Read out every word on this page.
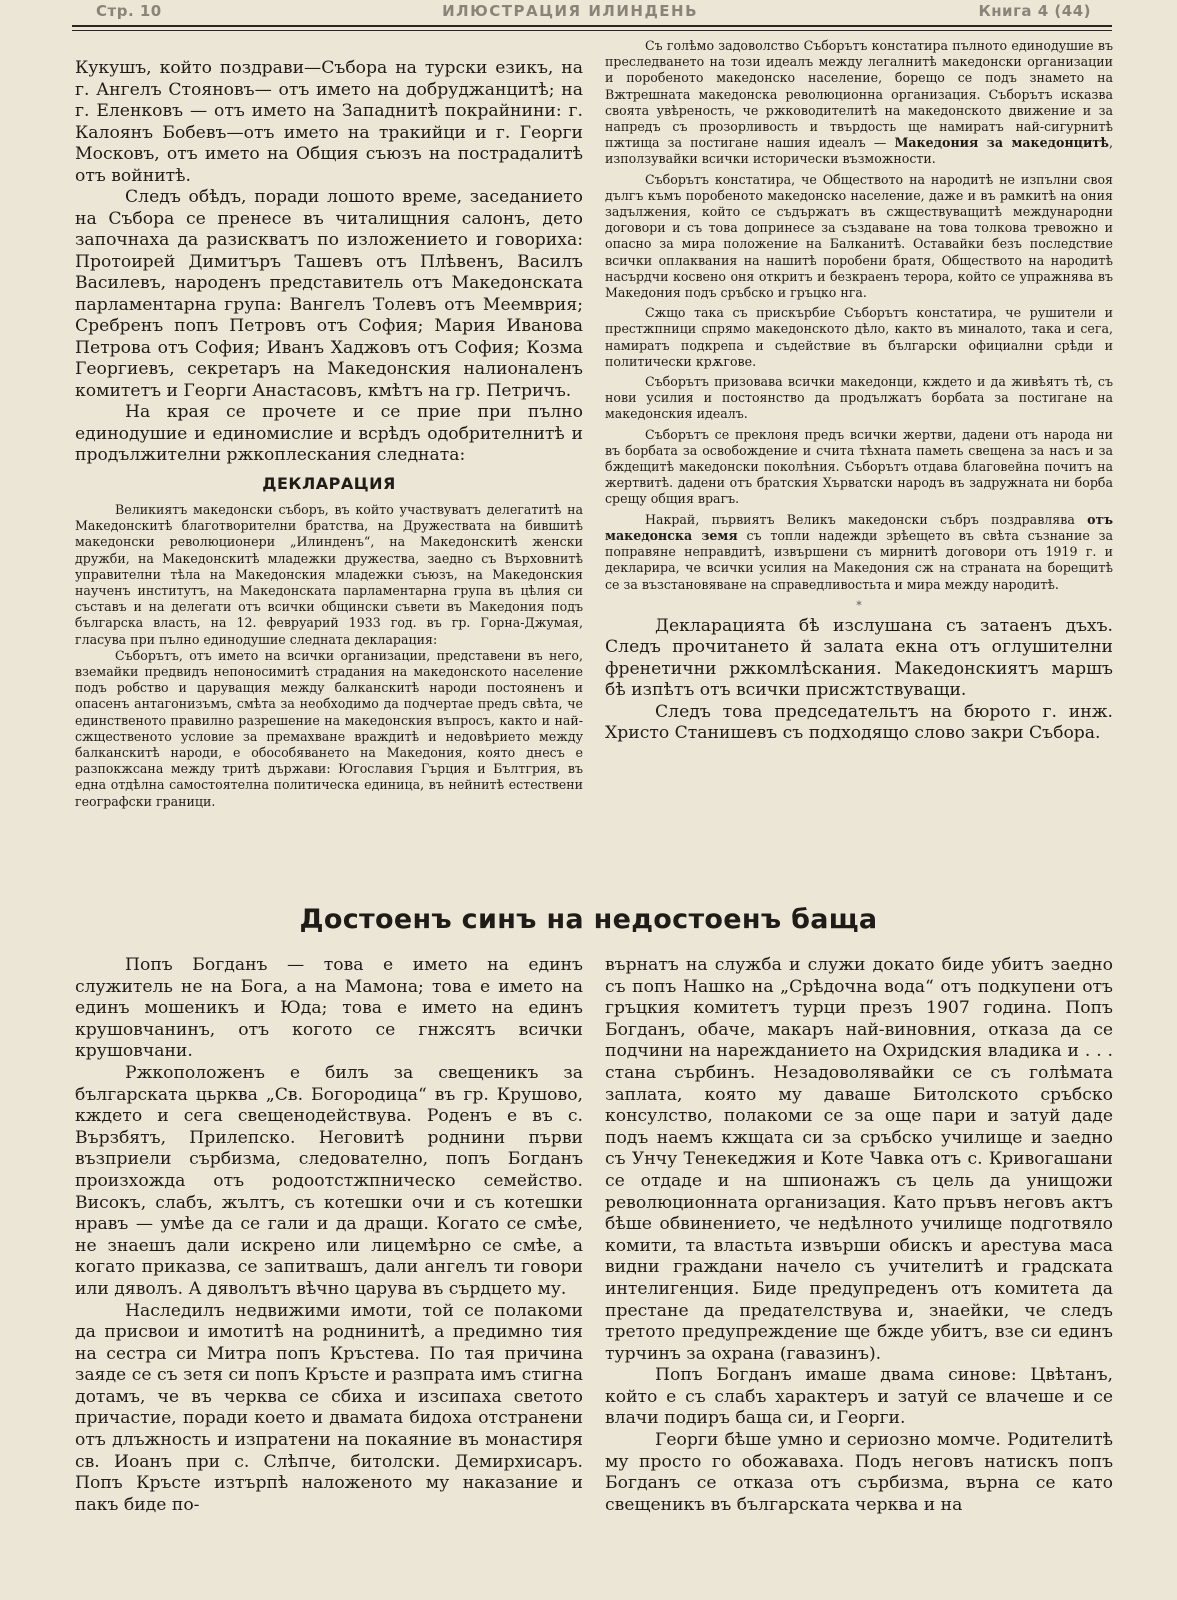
Стр. 10	ИЛЮСТРАЦИЯ ИЛИНДЕНЬ	Книга 4 (44)

Кукушъ, който поздрави—Събора на турски езикъ, на г. Ангелъ Стояновъ— отъ името на добруджанцитѣ; на г. Еленковъ — отъ името на Западнитѣ покрайнини: г. Калоянъ Бобевъ—отъ името на тракийци и г. Георги Московъ, отъ името на Общия съюзъ на пострадалитѣ отъ войнитѣ.

Следъ обѣдъ, поради лошото време, заседанието на Събора се пренесе въ читалищния салонъ, дето започнаха да разискватъ по изложението и говориха: Протоирей Димитъръ Ташевъ отъ Плѣвенъ, Василъ Василевъ, народенъ представитель отъ Македонската парламентарна група: Вангелъ Толевъ отъ Меемврия; Сребренъ попъ Петровъ отъ София; Мария Иванова Петрова отъ София; Иванъ Хаджовъ отъ София; Козма Георгиевъ, секретаръ на Македонския налионаленъ комитетъ и Георги Анастасовъ, кмѣтъ на гр. Петричъ.

На края се прочете и се прие при пълно единодушие и единомислие и всрѣдъ одобрителнитѣ и продължителни ржкоплескания следната:

ДЕКЛАРАЦИЯ

Великиятъ македонски съборъ, въ който участвуватъ делегатитѣ на Македонскитѣ благотворителни братства, на Дружествата на бившитѣ македонски революционери „Илинденъ“, на Македонскитѣ женски дружби, на Македонскитѣ младежки дружества, заедно съ Върховнитѣ управителни тѣла на Македонския младежки съюзъ, на Македонския наученъ институтъ, на Македонската парламентарна група въ цѣлия си съставъ и на делегати отъ всички общински съвети въ Македония подъ българска власть, на 12. февруарий 1933 год. въ гр. Горна-Джумая, гласува при пълно единодушие следната декларация:

Съборътъ, отъ името на всички организации, представени въ него, вземайки предвидъ непоносимитѣ страдания на македонското население подъ робство и царуващия между балканскитѣ народи постояненъ и опасенъ антагонизъмъ, смѣта за необходимо да подчертае предъ свѣта, че единственото правилно разрешение на македонския въпросъ, както и най-сжщественото условие за премахване враждитѣ и недовѣрието между балканскитѣ народи, е обособяването на Македония, която днесъ е разпокжсана между тритѣ държави: Югославия Гърция и Бълтгрия, въ една отдѣлна самостоятелна политическа единица, въ нейнитѣ естествени географски граници.

Съ голѣмо задоволство Съборътъ констатира пълното единодушие въ преследването на този идеалъ между легалнитѣ македонски организации и поробеното македонско население, борещо се подъ знамето на Вжтрешната македонска революционна организация. Съборътъ исказва своята увѣреность, че ржководителитѣ на македонското движение и за напредъ съ прозорливость и твърдость ще намиратъ най-сигурнитѣ пжтища за постигане нашия идеалъ — Македония за македонцитѣ, използувайки всички исторически възможности.

Съборътъ констатира, че Обществото на народитѣ не изпълни своя дългъ къмъ поробеното македонско население, даже и въ рамкитѣ на ония задължения, който се съдържатъ въ сжществуващитѣ международни договори и съ това допринесе за създаване на това толкова тревожно и опасно за мира положение на Балканитѣ. Оставайки безъ последствие всички оплаквания на нашитѣ поробени братя, Обществото на народитѣ насърдчи косвено оня откритъ и безкраенъ терора, който се упражнява въ Македония подъ сръбско и гръцко нга.

Сжщо така съ прискърбие Съборътъ констатира, че рушители и престжпници спрямо македонското дѣло, както въ миналото, така и сега, намиратъ подкрепа и съдействие въ български официални срѣди и политически крѫгове.

Съборътъ призовава всички македонци, кждето и да живѣятъ тѣ, съ нови усилия и постоянство да продължатъ борбата за постигане на македонския идеалъ.

Съборътъ се преклоня предъ всички жертви, дадени отъ народа ни въ борбата за освобождение и счита тѣхната паметь свещена за насъ и за бждещитѣ македонски поколѣния. Съборътъ отдава благовейна почитъ на жертвитѣ. дадени отъ братския Хърватски народъ въ задружната ни борба срещу общия врагъ.

Накрай, първиятъ Великъ македонски събръ поздравлява отъ македонска земя съ топли надежди зрѣещето въ свѣта съзнание за поправяне неправдитѣ, извършени съ мирнитѣ договори отъ 1919 г. и декларира, че всички усилия на Македония сж на страната на борещитѣ се за възстановяване на справедливостьта и мира между народитѣ.

*

Декларацията бѣ изслушана съ затаенъ дъхъ. Следъ прочитането й залата екна отъ оглушителни френетични ржкомлѣскания. Македонскиятъ маршъ бѣ изпѣтъ отъ всички присжтствуващи.

Следъ това председательтъ на бюрото г. инж. Христо Станишевъ съ подходящо слово закри Събора.

Достоенъ синъ на недостоенъ баща

Попъ Богданъ — това е името на единъ служитель не на Бога, а на Мамона; това е името на единъ мошеникъ и Юда; това е името на единъ крушовчанинъ, отъ когото се гнжсятъ всички крушовчани.

Ржкоположенъ е билъ за свещеникъ за българската цьрква „Св. Богородица“ въ гр. Крушово, кждето и сега свещенодействува. Роденъ е въ с. Вързбятъ, Прилепско. Неговитѣ роднини първи възприели сърбизма, следователно, попъ Богданъ произхожда отъ родоотстжпническо семейство. Високъ, слабъ, жълтъ, съ котешки очи и съ котешки нравъ — умѣе да се гали и да дращи. Когато се смѣе, не знаешъ дали искрено или лицемѣрно се смѣе, а когато приказва, се запитвашъ, дали ангелъ ти говори или дяволъ. А дяволътъ вѣчно царува въ сърдцето му.

Наследилъ недвижими имоти, той се полакоми да присвои и имотитѣ на роднинитѣ, а предимно тия на сестра си Митра попъ Кръстева. По тая причина заяде се съ зетя си попъ Кръсте и разпрата имъ стигна дотамъ, че въ черква се сбиха и изсипаха светото причастие, поради което и двамата бидоха отстранени отъ длъжность и изпратени на покаяние въ монастиря св. Иоанъ при с. Слѣпче, битолски. Демирхисаръ. Попъ Кръсте изтърпѣ наложеното му наказание и пакъ биде по-

върнатъ на служба и служи докато биде убитъ заедно съ попъ Нашко на „Срѣдочна вода“ отъ подкупени отъ гръцкия комитетъ турци презъ 1907 година. Попъ Богданъ, обаче, макаръ най-виновния, отказа да се подчини на нарежданието на Охридския владика и . . . стана сърбинъ. Незадоволявайки се съ голѣмата заплата, която му даваше Битолското сръбско консулство, полакоми се за още пари и затуй даде подъ наемъ кжщата си за сръбско училище и заедно съ Унчу Тенекеджия и Коте Чавка отъ с. Кривогашани се отдаде и на шпионажъ съ цель да унищожи революционната организация. Като пръвъ неговъ актъ бѣше обвинението, че недѣлното училище подготвяло комити, та властьта извърши обискъ и арестува маса видни граждани начело съ учителитѣ и градската интелигенция. Биде предупреденъ отъ комитета да престане да предателствува и, знаейки, че следъ третото предупреждение ще бжде убитъ, взе си единъ турчинъ за охрана (гавазинъ).

Попъ Богданъ имаше двама синове: Цвѣтанъ, който е съ слабъ характеръ и затуй се влачеше и се влачи подиръ баща си, и Георги.

Георги бѣше умно и сериозно момче. Родителитѣ му просто го обожаваха. Подъ неговъ натискъ попъ Богданъ се отказа отъ сърбизма, върна се като свещеникъ въ българската черква и на
